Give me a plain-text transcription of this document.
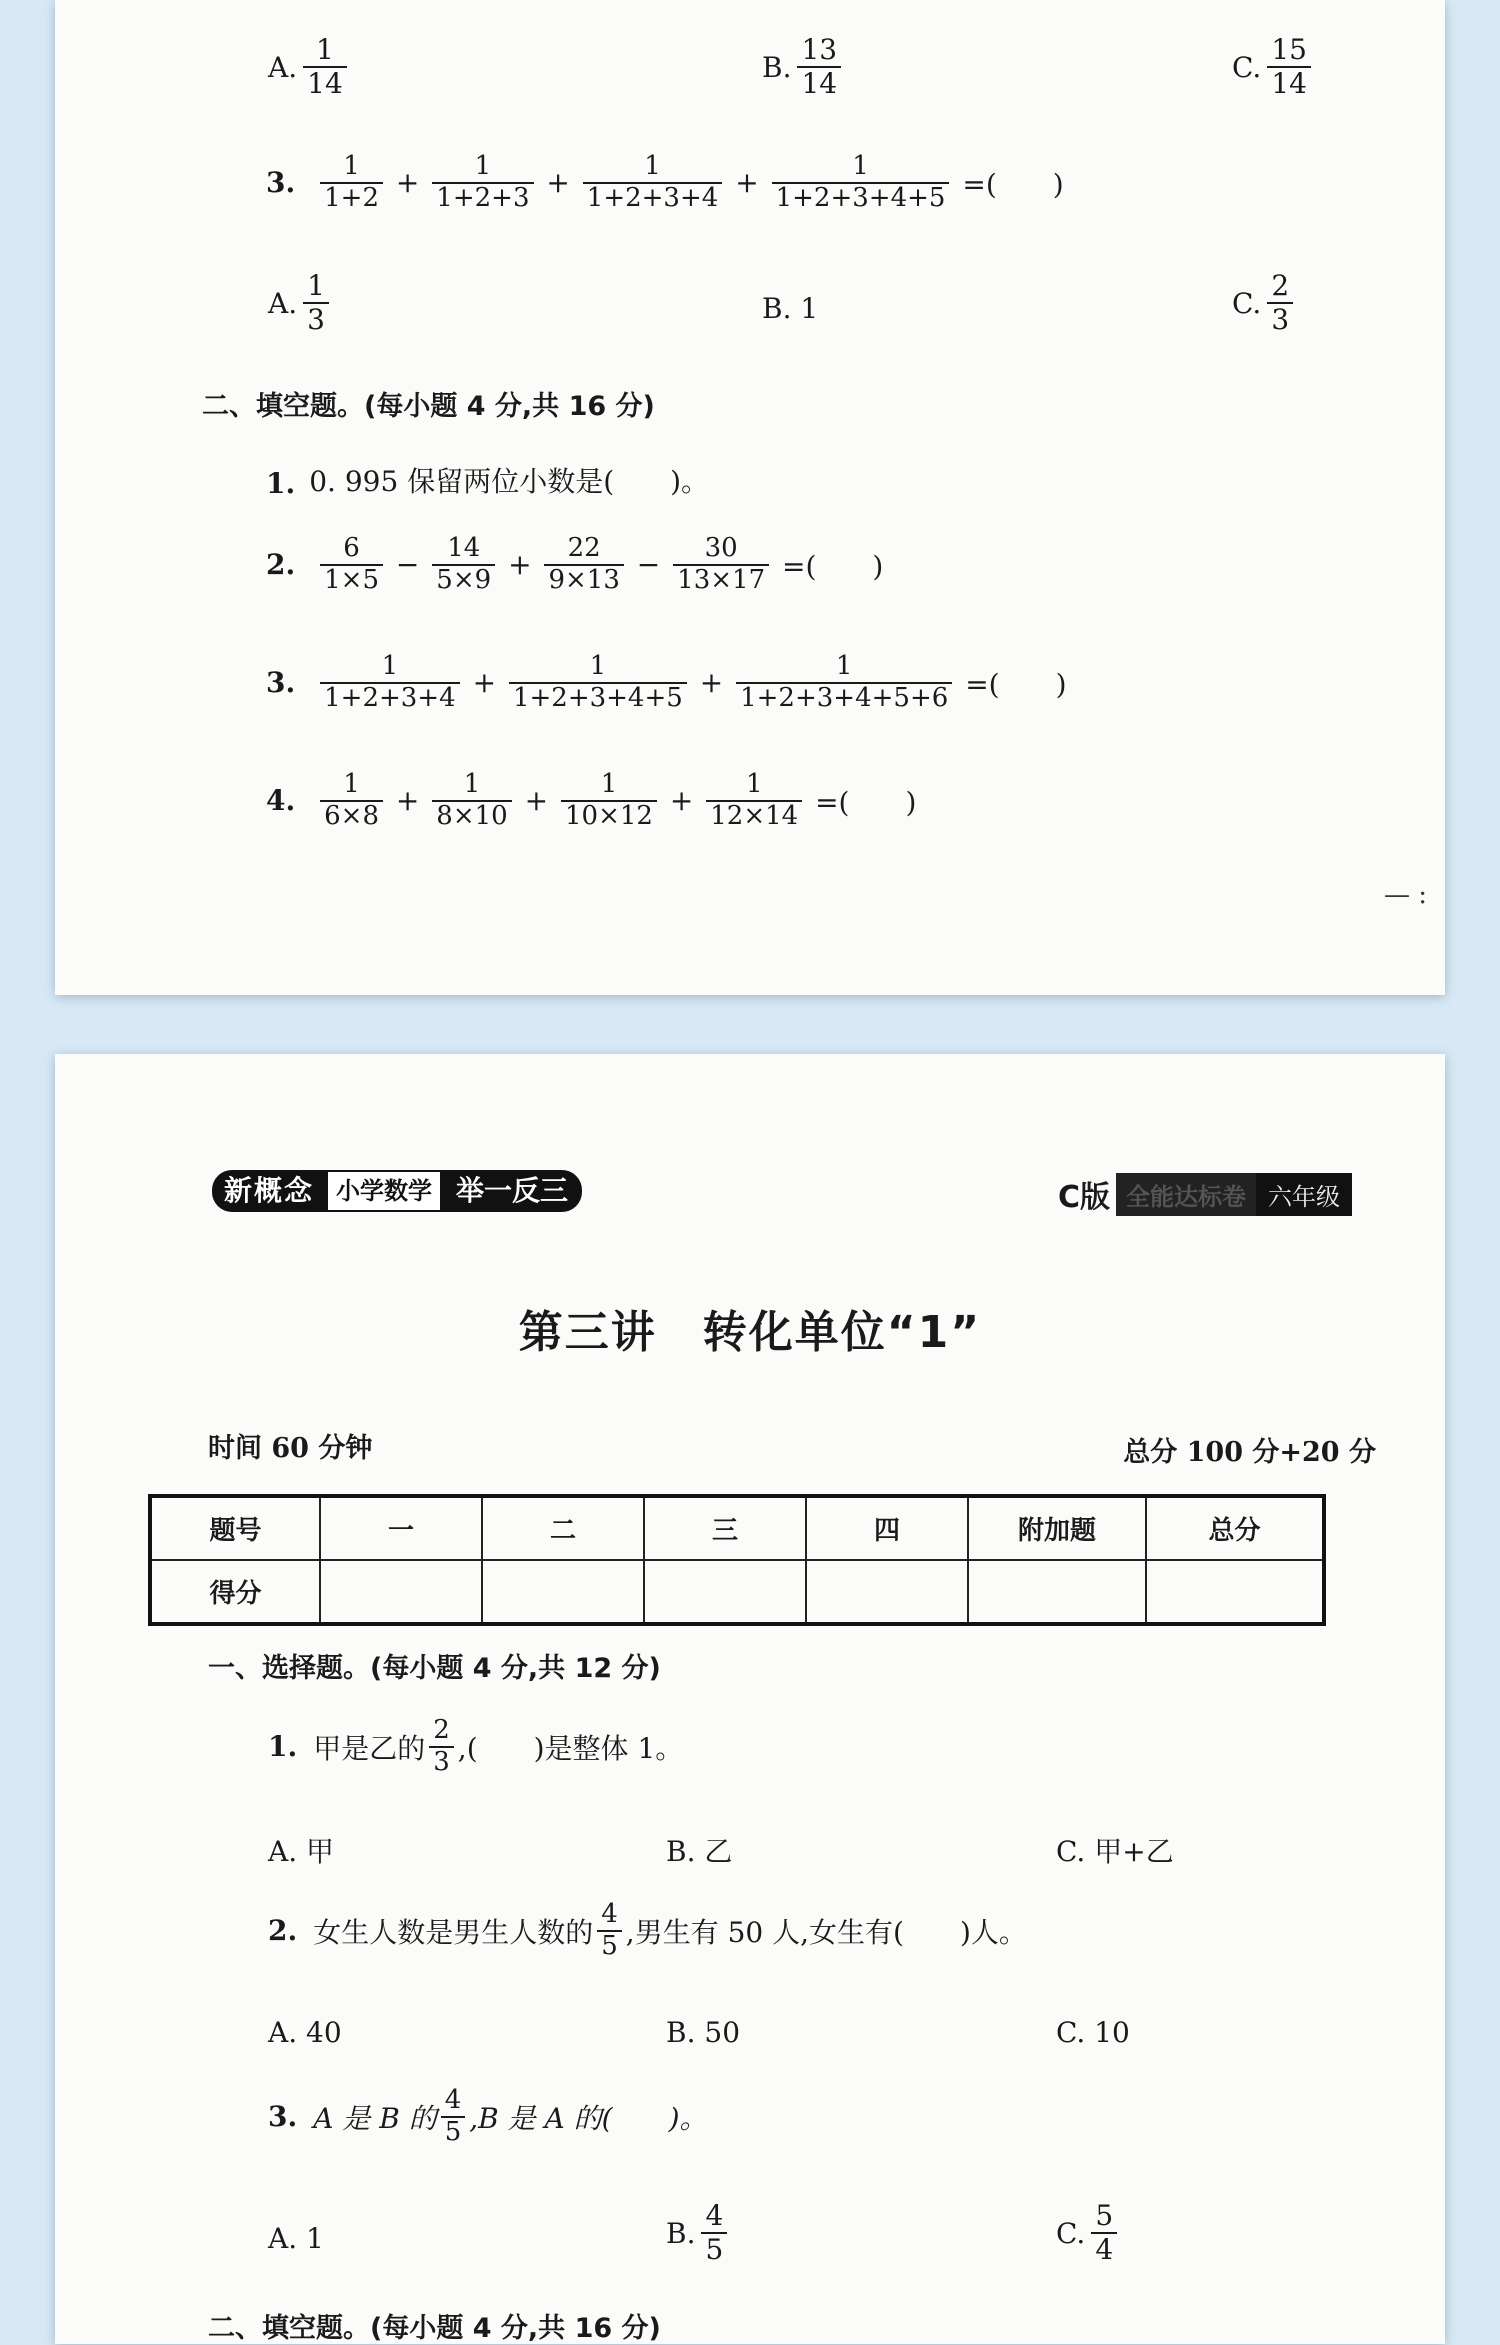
A. $\frac{1}{14}$	B. $\frac{13}{14}$	C. $\frac{15}{14}$
3. $\frac{1}{1+2} + \frac{1}{1+2+3} + \frac{1}{1+2+3+4} + \frac{1}{1+2+3+4+5}$ =(　　)
A. $\frac{1}{3}$	B. 1	C. $\frac{2}{3}$
二、填空题。(每小题 4 分,共 16 分)
1. 0. 995 保留两位小数是(　　)。
2. $\frac{6}{1\times 5} - \frac{14}{5\times 9} + \frac{22}{9\times 13} - \frac{30}{13\times 17}$ =(　　)
3. $\frac{1}{1+2+3+4} + \frac{1}{1+2+3+4+5} + \frac{1}{1+2+3+4+5+6}$ =(　　)
4. $\frac{1}{6\times 8} + \frac{1}{8\times 10} + \frac{1}{10\times 12} + \frac{1}{12\times 14}$ =(　　)
— :
新概念 小学数学 举一反三	C版 全能达标卷 六年级
第三讲　转化单位“1”
时间 60 分钟	总分 100 分+20 分
题号	一	二	三	四	附加题	总分
得分						
一、选择题。(每小题 4 分,共 12 分)
1. 甲是乙的 $\frac{2}{3}$ ,(　　)是整体 1。
A. 甲	B. 乙	C. 甲+乙
2. 女生人数是男生人数的 $\frac{4}{5}$ ,男生有 50 人,女生有(　　)人。
A. 40	B. 50	C. 10
3. A 是 B 的 $\frac{4}{5} ,B$ 是 A 的(　　)。
A. 1	B. $\frac{4}{5}$	C. $\frac{5}{4}$
二、填空题。(每小题 4 分,共 16 分)
